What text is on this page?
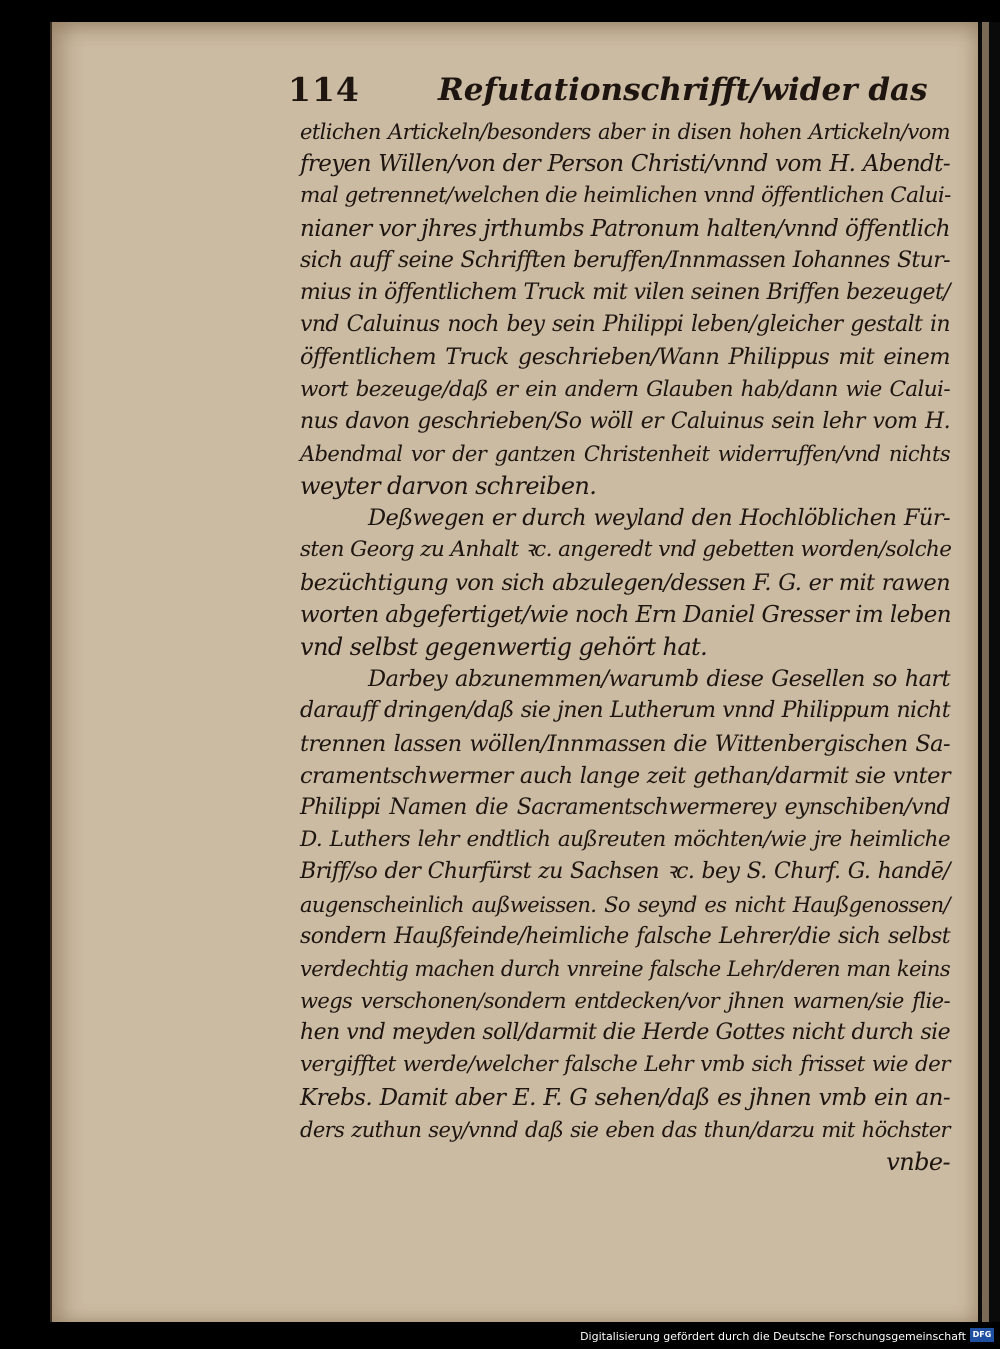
114	Refutationschrifft/wider das
etlichen Artickeln/besonders aber in disen hohen Artickeln/vom
freyen Willen/von der Person Christi/vnnd vom H. Abendt-
mal getrennet/welchen die heimlichen vnnd öffentlichen Calui-
nianer vor jhres jrthumbs Patronum halten/vnnd öffentlich
sich auff seine Schrifften beruffen/Innmassen Iohannes Stur-
mius in öffentlichem Truck mit vilen seinen Briffen bezeuget/
vnd Caluinus noch bey sein Philippi leben/gleicher gestalt in
öffentlichem Truck geschrieben/Wann Philippus mit einem
wort bezeuge/daß er ein andern Glauben hab/dann wie Calui-
nus davon geschrieben/So wöll er Caluinus sein lehr vom H.
Abendmal vor der gantzen Christenheit widerruffen/vnd nichts
weyter darvon schreiben.
Deßwegen er durch weyland den Hochlöblichen Für-
sten Georg zu Anhalt ꝛc. angeredt vnd gebetten worden/solche
bezüchtigung von sich abzulegen/dessen F. G. er mit rawen
worten abgefertiget/wie noch Ern Daniel Gresser im leben
vnd selbst gegenwertig gehört hat.
Darbey abzunemmen/warumb diese Gesellen so hart
darauff dringen/daß sie jnen Lutherum vnnd Philippum nicht
trennen lassen wöllen/Innmassen die Wittenbergischen Sa-
cramentschwermer auch lange zeit gethan/darmit sie vnter
Philippi Namen die Sacramentschwermerey eynschiben/vnd
D. Luthers lehr endtlich außreuten möchten/wie jre heimliche
Briff/so der Churfürst zu Sachsen ꝛc. bey S. Churf. G. handē/
augenscheinlich außweissen. So seynd es nicht Haußgenossen/
sondern Haußfeinde/heimliche falsche Lehrer/die sich selbst
verdechtig machen durch vnreine falsche Lehr/deren man keins
wegs verschonen/sondern entdecken/vor jhnen warnen/sie flie-
hen vnd meyden soll/darmit die Herde Gottes nicht durch sie
vergifftet werde/welcher falsche Lehr vmb sich frisset wie der
Krebs. Damit aber E. F. G sehen/daß es jhnen vmb ein an-
ders zuthun sey/vnnd daß sie eben das thun/darzu mit höchster
vnbe-
Digitalisierung gefördert durch die Deutsche Forschungsgemeinschaft DFG
